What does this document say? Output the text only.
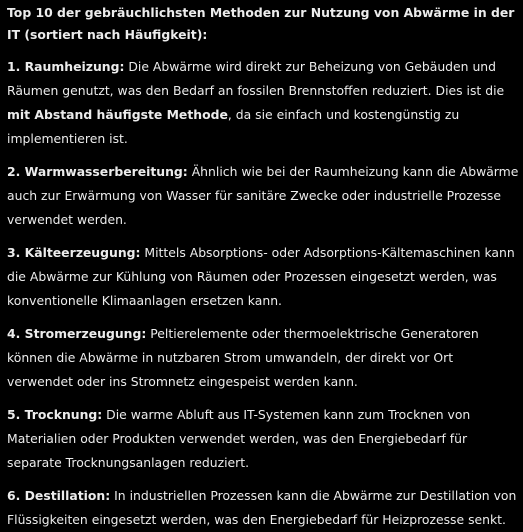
Top 10 der gebräuchlichsten Methoden zur Nutzung von Abwärme in der IT (sortiert nach Häufigkeit):
1. Raumheizung: Die Abwärme wird direkt zur Beheizung von Gebäuden und Räumen genutzt, was den Bedarf an fossilen Brennstoffen reduziert. Dies ist die mit Abstand häufigste Methode, da sie einfach und kostengünstig zu implementieren ist.
2. Warmwasserbereitung: Ähnlich wie bei der Raumheizung kann die Abwärme auch zur Erwärmung von Wasser für sanitäre Zwecke oder industrielle Prozesse verwendet werden.
3. Kälteerzeugung: Mittels Absorptions- oder Adsorptions-Kältemaschinen kann die Abwärme zur Kühlung von Räumen oder Prozessen eingesetzt werden, was konventionelle Klimaanlagen ersetzen kann.
4. Stromerzeugung: Peltierelemente oder thermoelektrische Generatoren können die Abwärme in nutzbaren Strom umwandeln, der direkt vor Ort verwendet oder ins Stromnetz eingespeist werden kann.
5. Trocknung: Die warme Abluft aus IT-Systemen kann zum Trocknen von Materialien oder Produkten verwendet werden, was den Energiebedarf für separate Trocknungsanlagen reduziert.
6. Destillation: In industriellen Prozessen kann die Abwärme zur Destillation von Flüssigkeiten eingesetzt werden, was den Energiebedarf für Heizprozesse senkt.
